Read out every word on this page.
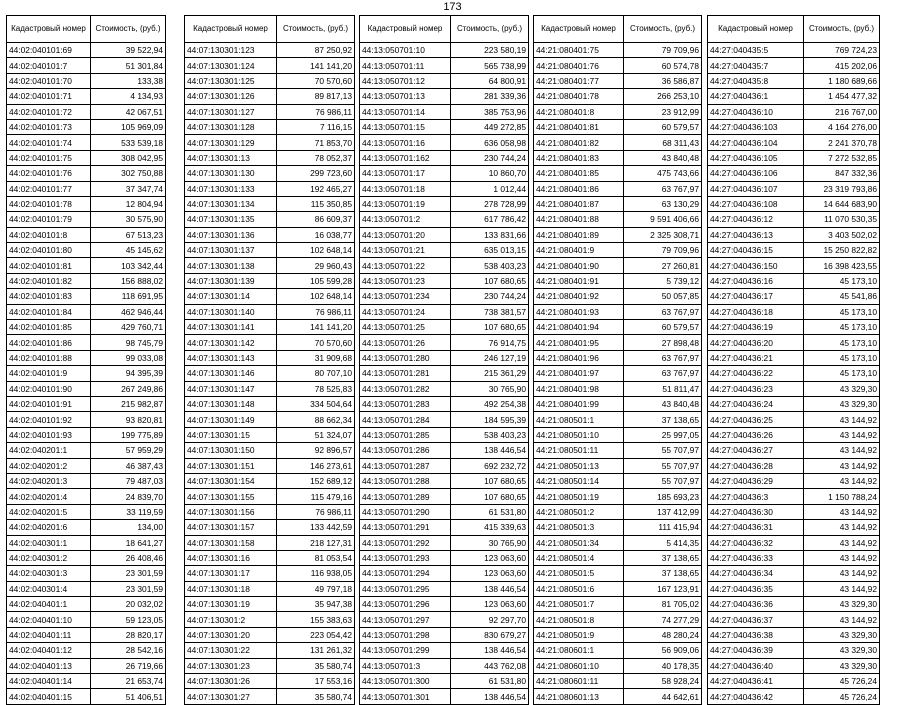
173
Кадастровый номер	Стоимость, (руб.)
44:02:040101:69	39 522,94
44:02:040101:7	51 301,84
44:02:040101:70	133,38
44:02:040101:71	4 134,93
44:02:040101:72	42 067,51
44:02:040101:73	105 969,09
44:02:040101:74	533 539,18
44:02:040101:75	308 042,95
44:02:040101:76	302 750,88
44:02:040101:77	37 347,74
44:02:040101:78	12 804,94
44:02:040101:79	30 575,90
44:02:040101:8	67 513,23
44:02:040101:80	45 145,62
44:02:040101:81	103 342,44
44:02:040101:82	156 888,02
44:02:040101:83	118 691,95
44:02:040101:84	462 946,44
44:02:040101:85	429 760,71
44:02:040101:86	98 745,79
44:02:040101:88	99 033,08
44:02:040101:9	94 395,39
44:02:040101:90	267 249,86
44:02:040101:91	215 982,87
44:02:040101:92	93 820,81
44:02:040101:93	199 775,89
44:02:040201:1	57 959,29
44:02:040201:2	46 387,43
44:02:040201:3	79 487,03
44:02:040201:4	24 839,70
44:02:040201:5	33 119,59
44:02:040201:6	134,00
44:02:040301:1	18 641,27
44:02:040301:2	26 408,46
44:02:040301:3	23 301,59
44:02:040301:4	23 301,59
44:02:040401:1	20 032,02
44:02:040401:10	59 123,05
44:02:040401:11	28 820,17
44:02:040401:12	28 542,16
44:02:040401:13	26 719,66
44:02:040401:14	21 653,74
44:02:040401:15	51 406,51
Кадастровый номер	Стоимость, (руб.)
44:07:130301:123	87 250,92
44:07:130301:124	141 141,20
44:07:130301:125	70 570,60
44:07:130301:126	89 817,13
44:07:130301:127	76 986,11
44:07:130301:128	7 116,15
44:07:130301:129	71 853,70
44:07:130301:13	78 052,37
44:07:130301:130	299 723,60
44:07:130301:133	192 465,27
44:07:130301:134	115 350,85
44:07:130301:135	86 609,37
44:07:130301:136	16 038,77
44:07:130301:137	102 648,14
44:07:130301:138	29 960,43
44:07:130301:139	105 599,28
44:07:130301:14	102 648,14
44:07:130301:140	76 986,11
44:07:130301:141	141 141,20
44:07:130301:142	70 570,60
44:07:130301:143	31 909,68
44:07:130301:146	80 707,10
44:07:130301:147	78 525,83
44:07:130301:148	334 504,64
44:07:130301:149	88 662,34
44:07:130301:15	51 324,07
44:07:130301:150	92 896,57
44:07:130301:151	146 273,61
44:07:130301:154	152 689,12
44:07:130301:155	115 479,16
44:07:130301:156	76 986,11
44:07:130301:157	133 442,59
44:07:130301:158	218 127,31
44:07:130301:16	81 053,54
44:07:130301:17	116 938,05
44:07:130301:18	49 797,18
44:07:130301:19	35 947,38
44:07:130301:2	155 383,63
44:07:130301:20	223 054,42
44:07:130301:22	131 261,32
44:07:130301:23	35 580,74
44:07:130301:26	17 553,16
44:07:130301:27	35 580,74
Кадастровый номер	Стоимость, (руб.)
44:13:050701:10	223 580,19
44:13:050701:11	565 738,99
44:13:050701:12	64 800,91
44:13:050701:13	281 339,36
44:13:050701:14	385 753,96
44:13:050701:15	449 272,85
44:13:050701:16	636 058,98
44:13:050701:162	230 744,24
44:13:050701:17	10 860,70
44:13:050701:18	1 012,44
44:13:050701:19	278 728,99
44:13:050701:2	617 786,42
44:13:050701:20	133 831,66
44:13:050701:21	635 013,15
44:13:050701:22	538 403,23
44:13:050701:23	107 680,65
44:13:050701:234	230 744,24
44:13:050701:24	738 381,57
44:13:050701:25	107 680,65
44:13:050701:26	76 914,75
44:13:050701:280	246 127,19
44:13:050701:281	215 361,29
44:13:050701:282	30 765,90
44:13:050701:283	492 254,38
44:13:050701:284	184 595,39
44:13:050701:285	538 403,23
44:13:050701:286	138 446,54
44:13:050701:287	692 232,72
44:13:050701:288	107 680,65
44:13:050701:289	107 680,65
44:13:050701:290	61 531,80
44:13:050701:291	415 339,63
44:13:050701:292	30 765,90
44:13:050701:293	123 063,60
44:13:050701:294	123 063,60
44:13:050701:295	138 446,54
44:13:050701:296	123 063,60
44:13:050701:297	92 297,70
44:13:050701:298	830 679,27
44:13:050701:299	138 446,54
44:13:050701:3	443 762,08
44:13:050701:300	61 531,80
44:13:050701:301	138 446,54
Кадастровый номер	Стоимость, (руб.)
44:21:080401:75	79 709,96
44:21:080401:76	60 574,78
44:21:080401:77	36 586,87
44:21:080401:78	266 253,10
44:21:080401:8	23 912,99
44:21:080401:81	60 579,57
44:21:080401:82	68 311,43
44:21:080401:83	43 840,48
44:21:080401:85	475 743,66
44:21:080401:86	63 767,97
44:21:080401:87	63 130,29
44:21:080401:88	9 591 406,66
44:21:080401:89	2 325 308,71
44:21:080401:9	79 709,96
44:21:080401:90	27 260,81
44:21:080401:91	5 739,12
44:21:080401:92	50 057,85
44:21:080401:93	63 767,97
44:21:080401:94	60 579,57
44:21:080401:95	27 898,48
44:21:080401:96	63 767,97
44:21:080401:97	63 767,97
44:21:080401:98	51 811,47
44:21:080401:99	43 840,48
44:21:080501:1	37 138,65
44:21:080501:10	25 997,05
44:21:080501:11	55 707,97
44:21:080501:13	55 707,97
44:21:080501:14	55 707,97
44:21:080501:19	185 693,23
44:21:080501:2	137 412,99
44:21:080501:3	111 415,94
44:21:080501:34	5 414,35
44:21:080501:4	37 138,65
44:21:080501:5	37 138,65
44:21:080501:6	167 123,91
44:21:080501:7	81 705,02
44:21:080501:8	74 277,29
44:21:080501:9	48 280,24
44:21:080601:1	56 909,06
44:21:080601:10	40 178,35
44:21:080601:11	58 928,24
44:21:080601:13	44 642,61
Кадастровый номер	Стоимость, (руб.)
44:27:040435:5	769 724,23
44:27:040435:7	415 202,06
44:27:040435:8	1 180 689,66
44:27:040436:1	1 454 477,32
44:27:040436:10	216 767,00
44:27:040436:103	4 164 276,00
44:27:040436:104	2 241 370,78
44:27:040436:105	7 272 532,85
44:27:040436:106	847 332,36
44:27:040436:107	23 319 793,86
44:27:040436:108	14 644 683,90
44:27:040436:12	11 070 530,35
44:27:040436:13	3 403 502,02
44:27:040436:15	15 250 822,82
44:27:040436:150	16 398 423,55
44:27:040436:16	45 173,10
44:27:040436:17	45 541,86
44:27:040436:18	45 173,10
44:27:040436:19	45 173,10
44:27:040436:20	45 173,10
44:27:040436:21	45 173,10
44:27:040436:22	45 173,10
44:27:040436:23	43 329,30
44:27:040436:24	43 329,30
44:27:040436:25	43 144,92
44:27:040436:26	43 144,92
44:27:040436:27	43 144,92
44:27:040436:28	43 144,92
44:27:040436:29	43 144,92
44:27:040436:3	1 150 788,24
44:27:040436:30	43 144,92
44:27:040436:31	43 144,92
44:27:040436:32	43 144,92
44:27:040436:33	43 144,92
44:27:040436:34	43 144,92
44:27:040436:35	43 144,92
44:27:040436:36	43 329,30
44:27:040436:37	43 144,92
44:27:040436:38	43 329,30
44:27:040436:39	43 329,30
44:27:040436:40	43 329,30
44:27:040436:41	45 726,24
44:27:040436:42	45 726,24
